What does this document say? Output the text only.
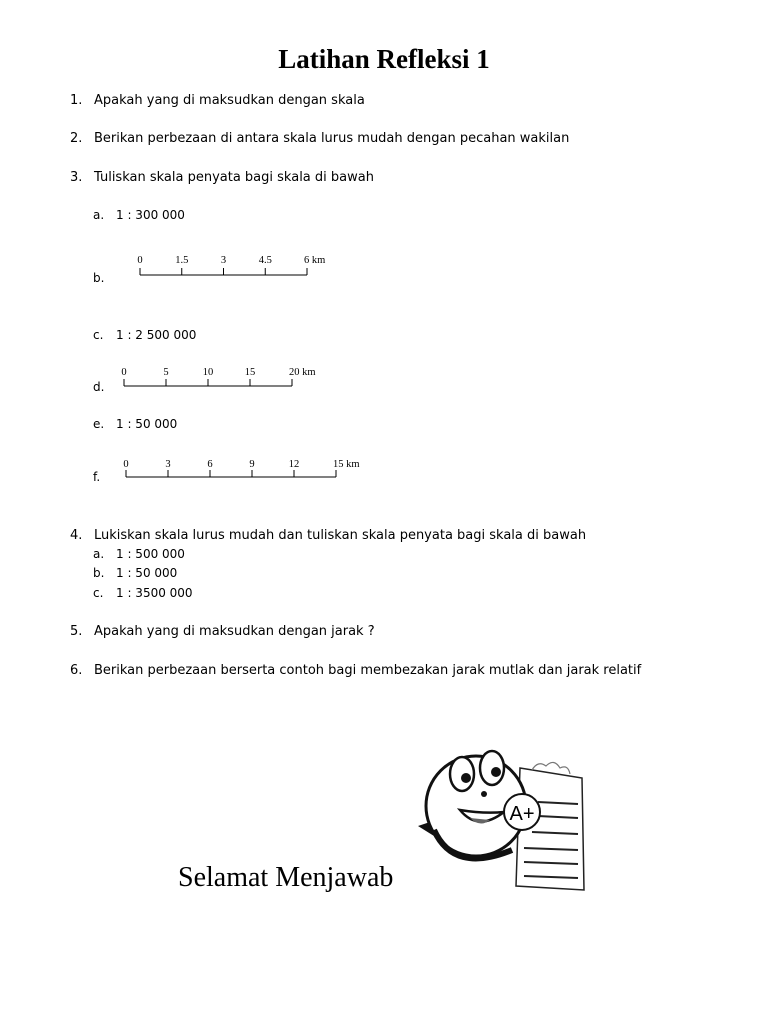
Latihan Refleksi 1
1. Apakah yang di maksudkan dengan skala
2. Berikan perbezaan di antara skala lurus mudah dengan pecahan wakilan
3. Tuliskan skala penyata bagi skala di bawah
a. 1 : 300 000
b.
0	1.5	3	4.5	6 km
c. 1 : 2 500 000
d.
0	5	10	15	20 km
e. 1 : 50 000
f.
0	3	6	9	12	15 km
4. Lukiskan skala lurus mudah dan tuliskan skala penyata bagi skala di bawah
a. 1 : 500 000
b. 1 : 50 000
c. 1 : 3500 000
5. Apakah yang di maksudkan dengan jarak ?
6. Berikan perbezaan berserta contoh bagi membezakan jarak mutlak dan jarak relatif
A+
Selamat Menjawab
